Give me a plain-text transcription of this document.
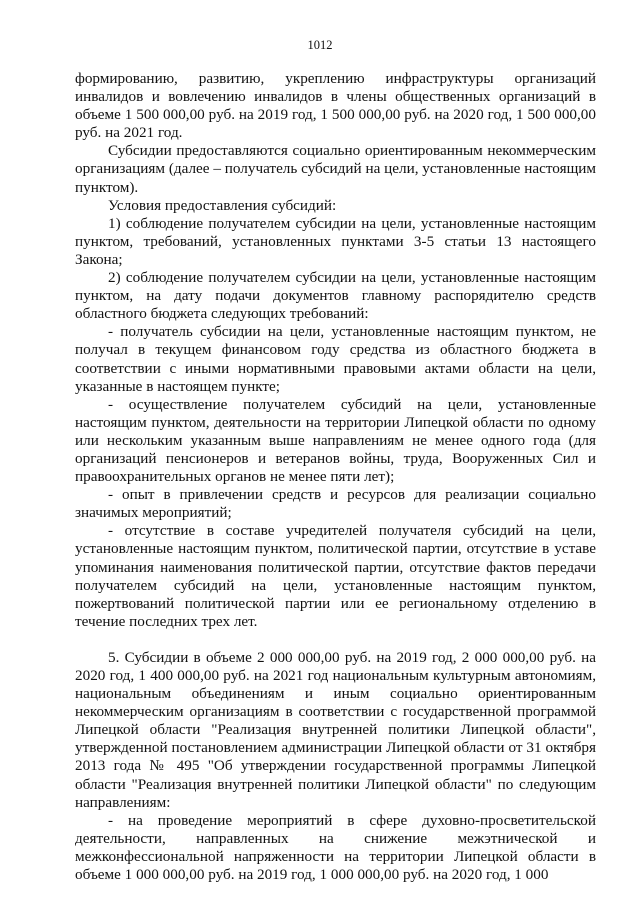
1012

формированию, развитию, укреплению инфраструктуры организаций инвалидов и вовлечению инвалидов в члены общественных организаций в объеме 1 500 000,00 руб. на 2019 год, 1 500 000,00 руб. на 2020 год, 1 500 000,00 руб. на 2021 год.

Субсидии предоставляются социально ориентированным некоммерческим организациям (далее – получатель субсидий на цели, установленные настоящим пунктом).

Условия предоставления субсидий:

1) соблюдение получателем субсидии на цели, установленные настоящим пунктом, требований, установленных пунктами 3-5 статьи 13 настоящего Закона;

2) соблюдение получателем субсидии на цели, установленные настоящим пунктом, на дату подачи документов главному распорядителю средств областного бюджета следующих требований:

- получатель субсидии на цели, установленные настоящим пунктом, не получал в текущем финансовом году средства из областного бюджета в соответствии с иными нормативными правовыми актами области на цели, указанные в настоящем пункте;

- осуществление получателем субсидий на цели, установленные настоящим пунктом, деятельности на территории Липецкой области по одному или нескольким указанным выше направлениям не менее одного года (для организаций пенсионеров и ветеранов войны, труда, Вооруженных Сил и правоохранительных органов не менее пяти лет);

- опыт в привлечении средств и ресурсов для реализации социально значимых мероприятий;

- отсутствие в составе учредителей получателя субсидий на цели, установленные настоящим пунктом, политической партии, отсутствие в уставе упоминания наименования политической партии, отсутствие фактов передачи получателем субсидий на цели, установленные настоящим пунктом, пожертвований политической партии или ее региональному отделению в течение последних трех лет.

5. Субсидии в объеме 2 000 000,00 руб. на 2019 год, 2 000 000,00 руб. на 2020 год, 1 400 000,00 руб. на 2021 год национальным культурным автономиям, национальным объединениям и иным социально ориентированным некоммерческим организациям в соответствии с государственной программой Липецкой области "Реализация внутренней политики Липецкой области", утвержденной постановлением администрации Липецкой области от 31 октября 2013 года № 495 "Об утверждении государственной программы Липецкой области "Реализация внутренней политики Липецкой области" по следующим направлениям:

- на проведение мероприятий в сфере духовно-просветительской деятельности, направленных на снижение межэтнической и межконфессиональной напряженности на территории Липецкой области в объеме 1 000 000,00 руб. на 2019 год, 1 000 000,00 руб. на 2020 год, 1 000
